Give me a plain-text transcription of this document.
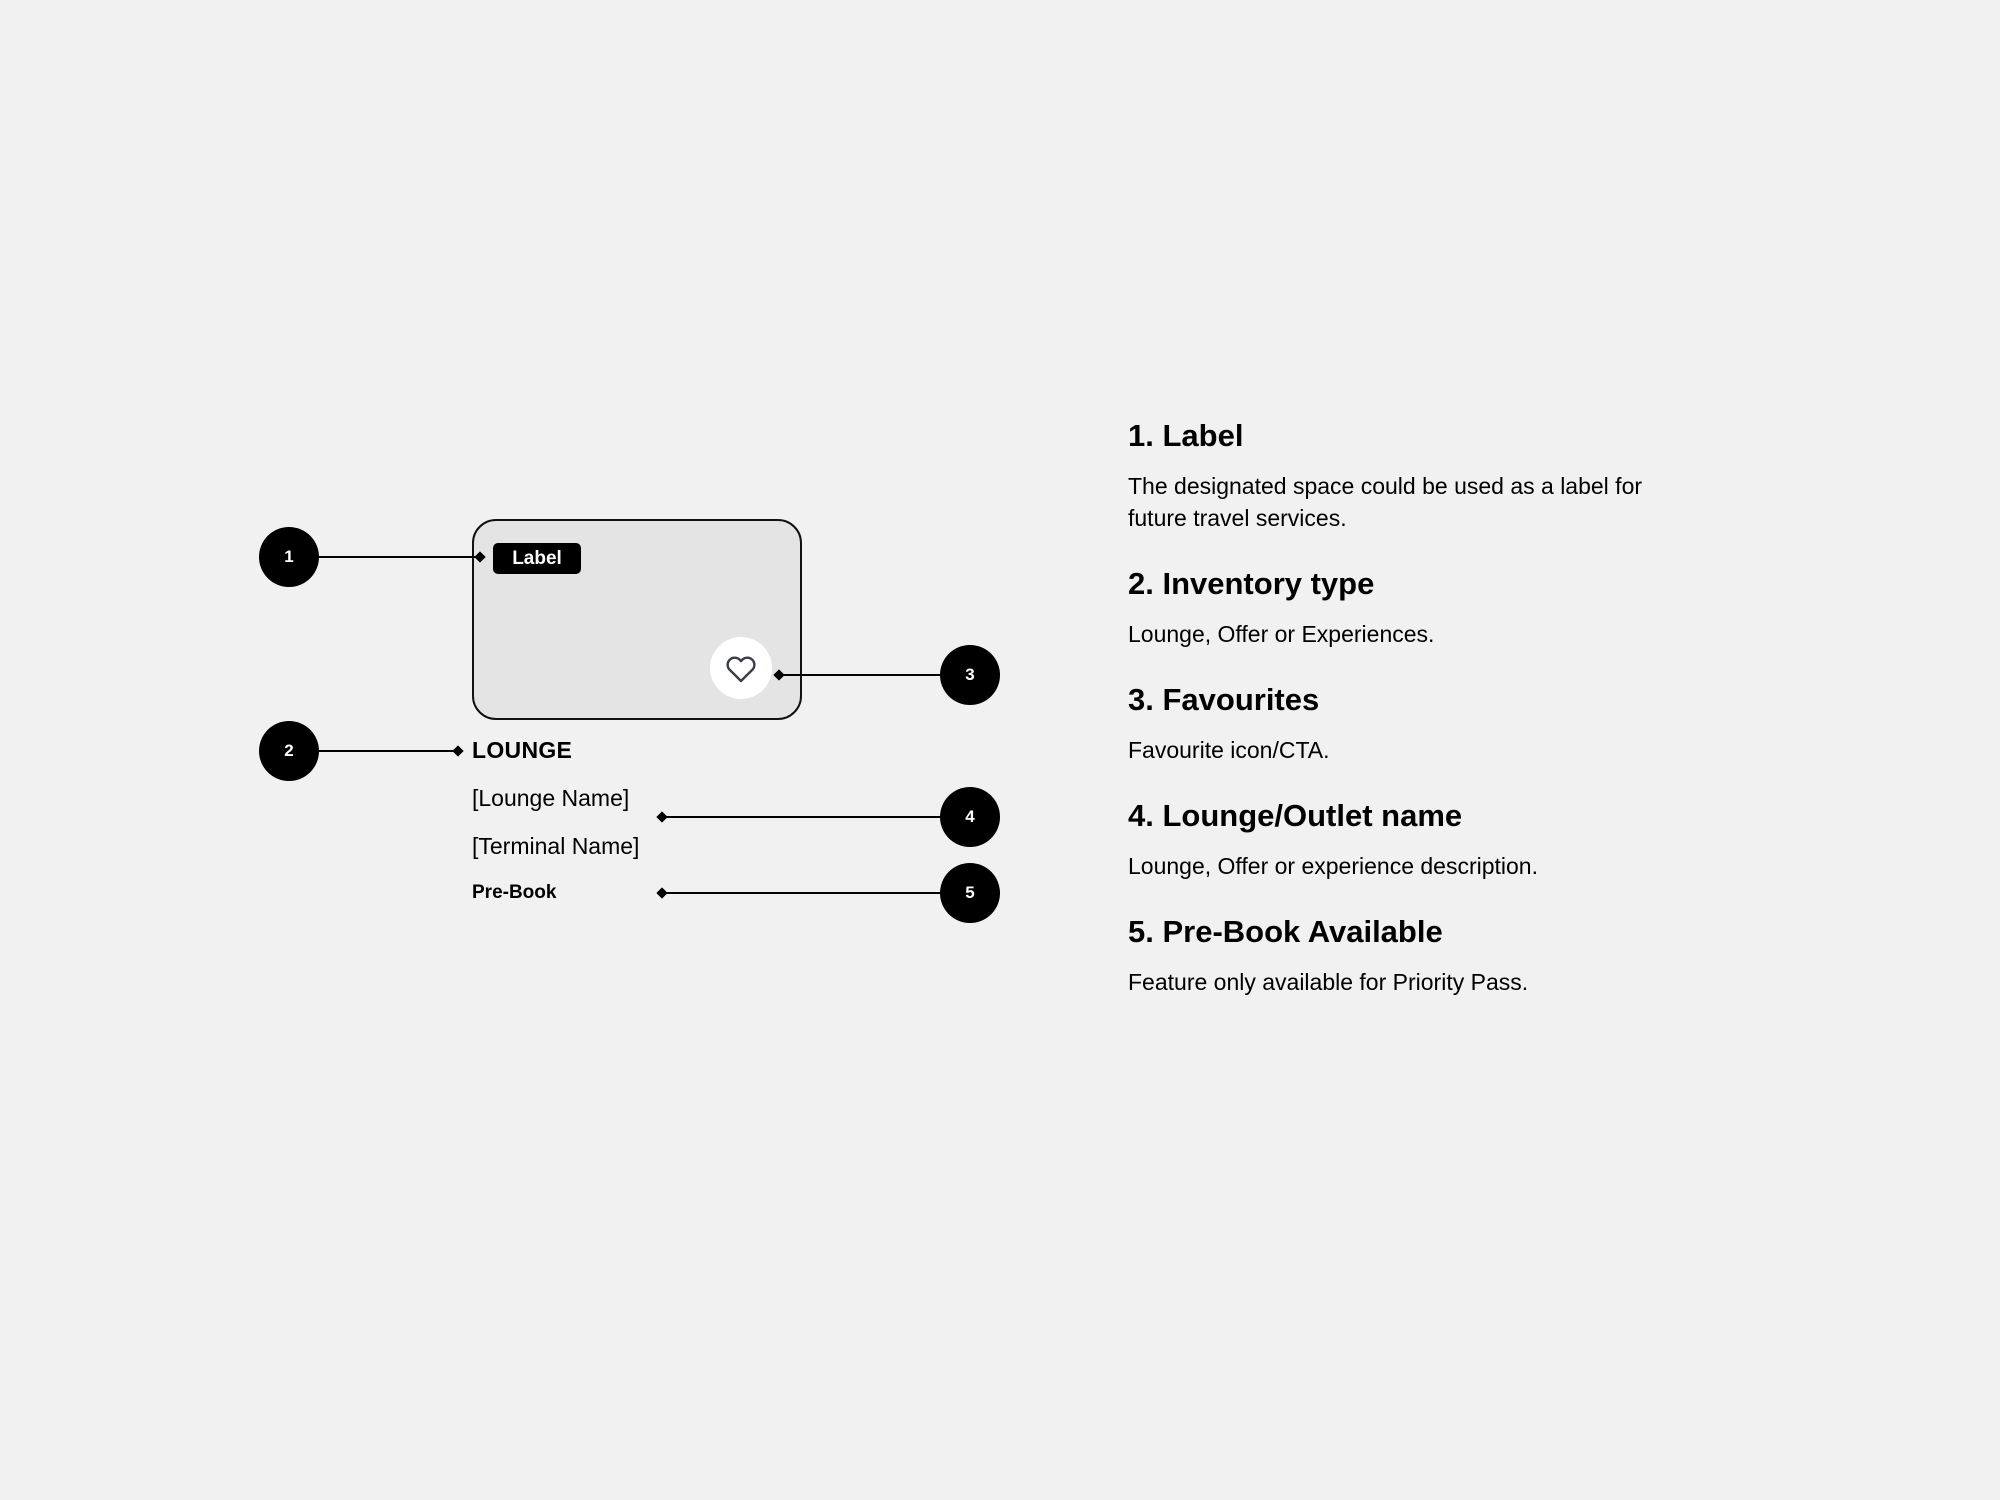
Label
LOUNGE
[Lounge Name]
[Terminal Name]
Pre-Book
1
2
3
4
5
1. Label

The designated space could be used as a label for future travel services.

2. Inventory type

Lounge, Offer or Experiences.

3. Favourites

Favourite icon/CTA.

4. Lounge/Outlet name

Lounge, Offer or experience description.

5. Pre-Book Available

Feature only available for Priority Pass.
